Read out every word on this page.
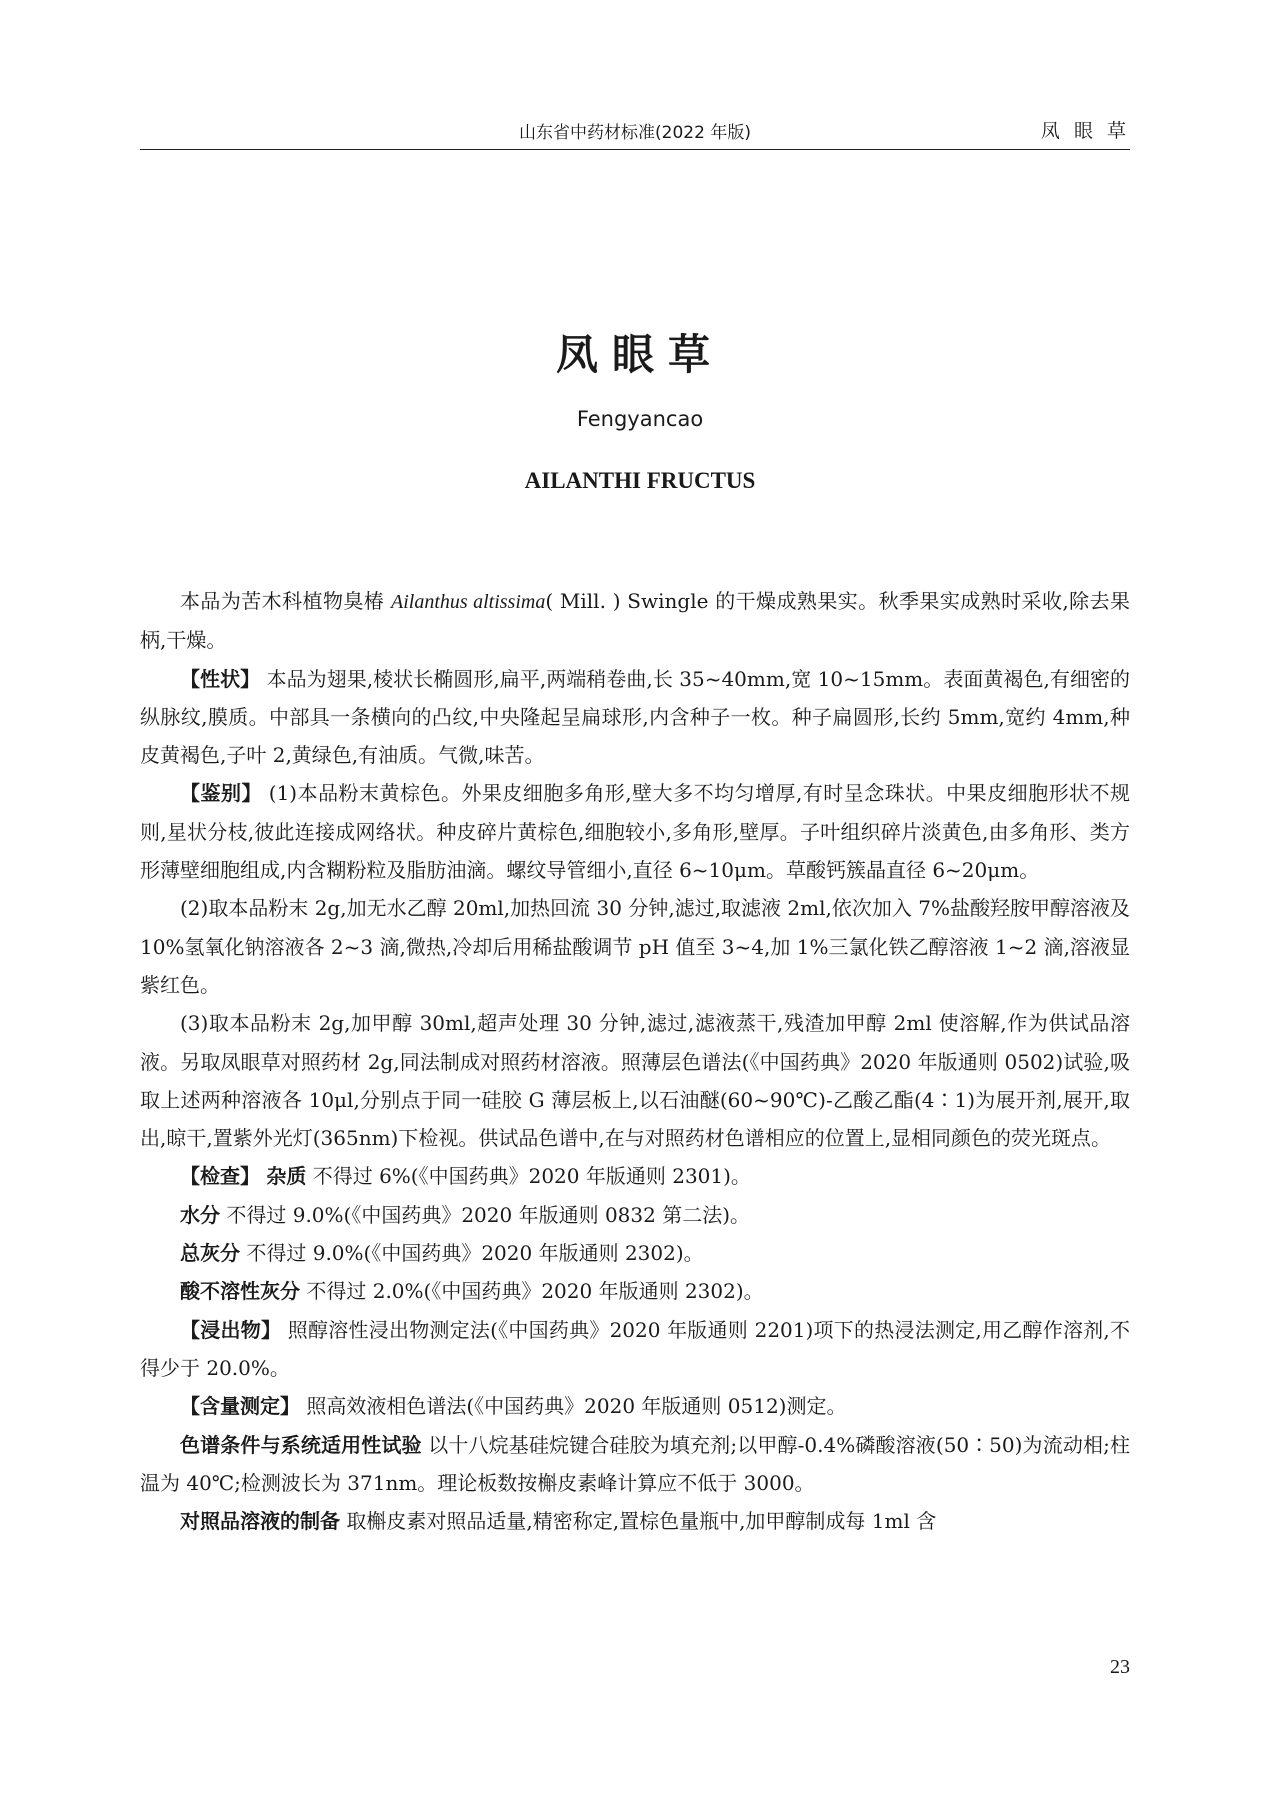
山东省中药材标准(2022 年版)	凤 眼 草
凤眼草
Fengyancao
AILANTHI FRUCTUS

本品为苦木科植物臭椿 Ailanthus altissima( Mill. ) Swingle 的干燥成熟果实。秋季果实成熟时采收,除去果柄,干燥。

【性状】 本品为翅果,棱状长椭圆形,扁平,两端稍卷曲,长 35~40mm,宽 10~15mm。表面黄褐色,有细密的纵脉纹,膜质。中部具一条横向的凸纹,中央隆起呈扁球形,内含种子一枚。种子扁圆形,长约 5mm,宽约 4mm,种皮黄褐色,子叶 2,黄绿色,有油质。气微,味苦。

【鉴别】 (1)本品粉末黄棕色。外果皮细胞多角形,壁大多不均匀增厚,有时呈念珠状。中果皮细胞形状不规则,星状分枝,彼此连接成网络状。种皮碎片黄棕色,细胞较小,多角形,壁厚。子叶组织碎片淡黄色,由多角形、类方形薄壁细胞组成,内含糊粉粒及脂肪油滴。螺纹导管细小,直径 6~10μm。草酸钙簇晶直径 6~20μm。

(2)取本品粉末 2g,加无水乙醇 20ml,加热回流 30 分钟,滤过,取滤液 2ml,依次加入 7%盐酸羟胺甲醇溶液及 10%氢氧化钠溶液各 2~3 滴,微热,冷却后用稀盐酸调节 pH 值至 3~4,加 1%三氯化铁乙醇溶液 1~2 滴,溶液显紫红色。

(3)取本品粉末 2g,加甲醇 30ml,超声处理 30 分钟,滤过,滤液蒸干,残渣加甲醇 2ml 使溶解,作为供试品溶液。另取凤眼草对照药材 2g,同法制成对照药材溶液。照薄层色谱法(《中国药典》2020 年版通则 0502)试验,吸取上述两种溶液各 10μl,分别点于同一硅胶 G 薄层板上,以石油醚(60~90℃)-乙酸乙酯(4∶1)为展开剂,展开,取出,晾干,置紫外光灯(365nm)下检视。供试品色谱中,在与对照药材色谱相应的位置上,显相同颜色的荧光斑点。

【检查】 杂质 不得过 6%(《中国药典》2020 年版通则 2301)。

水分 不得过 9.0%(《中国药典》2020 年版通则 0832 第二法)。

总灰分 不得过 9.0%(《中国药典》2020 年版通则 2302)。

酸不溶性灰分 不得过 2.0%(《中国药典》2020 年版通则 2302)。

【浸出物】 照醇溶性浸出物测定法(《中国药典》2020 年版通则 2201)项下的热浸法测定,用乙醇作溶剂,不得少于 20.0%。

【含量测定】 照高效液相色谱法(《中国药典》2020 年版通则 0512)测定。

色谱条件与系统适用性试验 以十八烷基硅烷键合硅胶为填充剂;以甲醇-0.4%磷酸溶液(50∶50)为流动相;柱温为 40℃;检测波长为 371nm。理论板数按槲皮素峰计算应不低于 3000。

对照品溶液的制备 取槲皮素对照品适量,精密称定,置棕色量瓶中,加甲醇制成每 1ml 含

23
